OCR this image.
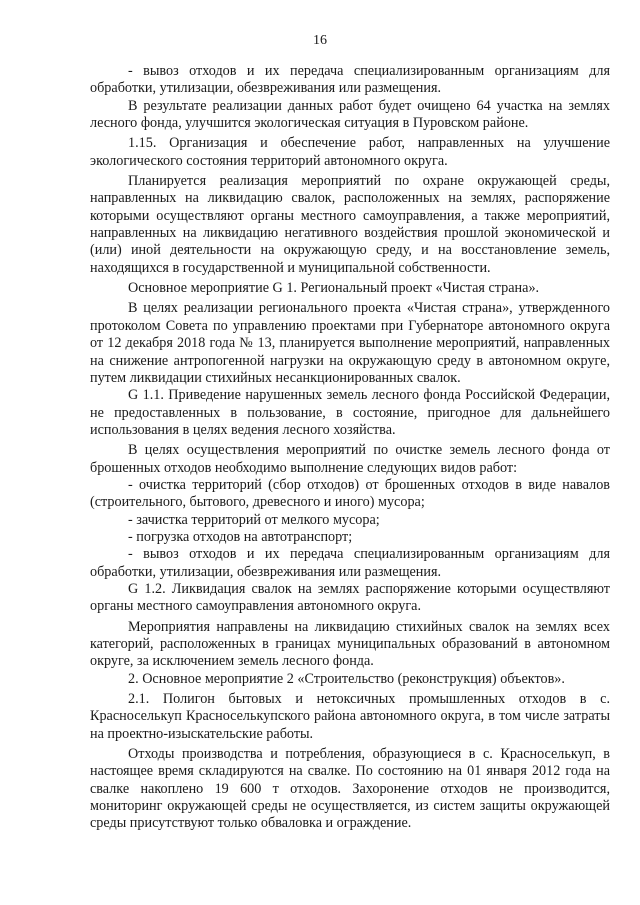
16

- вывоз отходов и их передача специализированным организациям для обработки, утилизации, обезвреживания или размещения.

В результате реализации данных работ будет очищено 64 участка на землях лесного фонда, улучшится экологическая ситуация в Пуровском районе.

1.15. Организация и обеспечение работ, направленных на улучшение экологического состояния территорий автономного округа.

Планируется реализация мероприятий по охране окружающей среды, направленных на ликвидацию свалок, расположенных на землях, распоряжение которыми осуществляют органы местного самоуправления, а также мероприятий, направленных на ликвидацию негативного воздействия прошлой экономической и (или) иной деятельности на окружающую среду, и на восстановление земель, находящихся в государственной и муниципальной собственности.

Основное мероприятие G 1. Региональный проект «Чистая страна».

В целях реализации регионального проекта «Чистая страна», утвержденного протоколом Совета по управлению проектами при Губернаторе автономного округа от 12 декабря 2018 года № 13, планируется выполнение мероприятий, направленных на снижение антропогенной нагрузки на окружающую среду в автономном округе, путем ликвидации стихийных несанкционированных свалок.

G 1.1. Приведение нарушенных земель лесного фонда Российской Федерации, не предоставленных в пользование, в состояние, пригодное для дальнейшего использования в целях ведения лесного хозяйства.

В целях осуществления мероприятий по очистке земель лесного фонда от брошенных отходов необходимо выполнение следующих видов работ:

- очистка территорий (сбор отходов) от брошенных отходов в виде навалов (строительного, бытового, древесного и иного) мусора;

- зачистка территорий от мелкого мусора;

- погрузка отходов на автотранспорт;

- вывоз отходов и их передача специализированным организациям для обработки, утилизации, обезвреживания или размещения.

G 1.2. Ликвидация свалок на землях распоряжение которыми осуществляют органы местного самоуправления автономного округа.

Мероприятия направлены на ликвидацию стихийных свалок на землях всех категорий, расположенных в границах муниципальных образований в автономном округе, за исключением земель лесного фонда.

2. Основное мероприятие 2 «Строительство (реконструкция) объектов».

2.1. Полигон бытовых и нетоксичных промышленных отходов в с. Красноселькуп Красноселькупского района автономного округа, в том числе затраты на проектно-изыскательские работы.

Отходы производства и потребления, образующиеся в с. Красноселькуп, в настоящее время складируются на свалке. По состоянию на 01 января 2012 года на свалке накоплено 19 600 т отходов. Захоронение отходов не производится, мониторинг окружающей среды не осуществляется, из систем защиты окружающей среды присутствуют только обваловка и ограждение.
